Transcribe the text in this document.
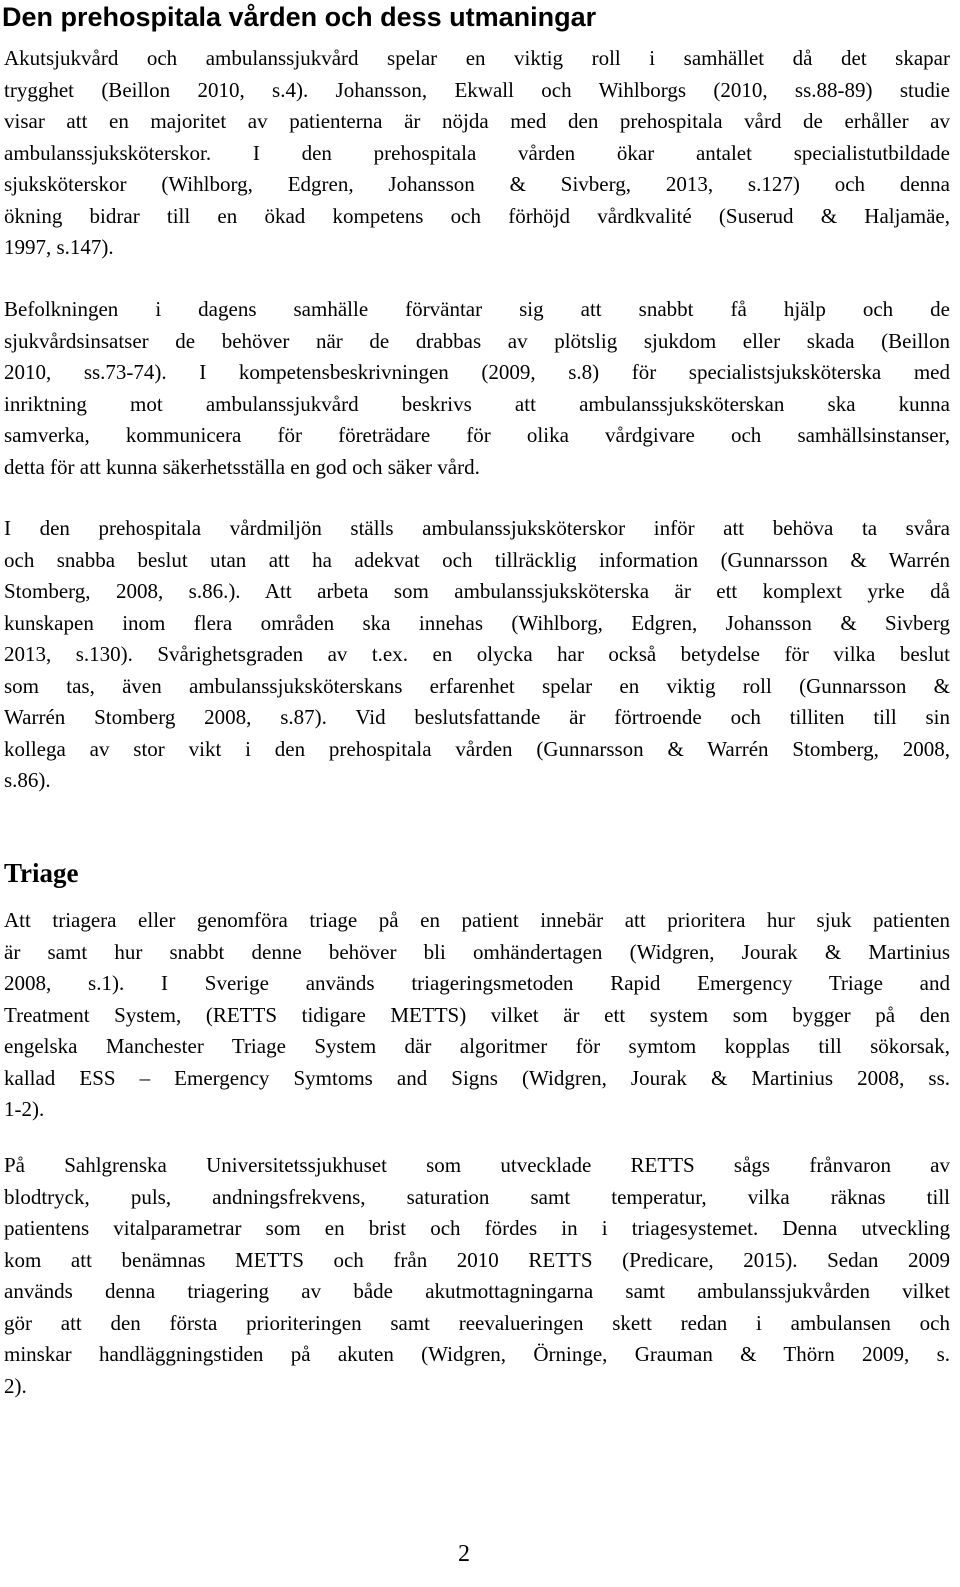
Den prehospitala vården och dess utmaningar

Akutsjukvård och ambulanssjukvård spelar en viktig roll i samhället då det skapar
trygghet (Beillon 2010, s.4). Johansson, Ekwall och Wihlborgs (2010, ss.88-89) studie
visar att en majoritet av patienterna är nöjda med den prehospitala vård de erhåller av
ambulanssjuksköterskor. I den prehospitala vården ökar antalet specialistutbildade
sjuksköterskor (Wihlborg, Edgren, Johansson & Sivberg, 2013, s.127) och denna
ökning bidrar till en ökad kompetens och förhöjd vårdkvalité (Suserud & Haljamäe,
1997, s.147).

Befolkningen i dagens samhälle förväntar sig att snabbt få hjälp och de
sjukvårdsinsatser de behöver när de drabbas av plötslig sjukdom eller skada (Beillon
2010, ss.73-74). I kompetensbeskrivningen (2009, s.8) för specialistsjuksköterska med
inriktning mot ambulanssjukvård beskrivs att ambulanssjuksköterskan ska kunna
samverka, kommunicera för företrädare för olika vårdgivare och samhällsinstanser,
detta för att kunna säkerhetsställa en god och säker vård.

I den prehospitala vårdmiljön ställs ambulanssjuksköterskor inför att behöva ta svåra
och snabba beslut utan att ha adekvat och tillräcklig information (Gunnarsson & Warrén
Stomberg, 2008, s.86.). Att arbeta som ambulanssjuksköterska är ett komplext yrke då
kunskapen inom flera områden ska innehas (Wihlborg, Edgren, Johansson & Sivberg
2013, s.130). Svårighetsgraden av t.ex. en olycka har också betydelse för vilka beslut
som tas, även ambulanssjuksköterskans erfarenhet spelar en viktig roll (Gunnarsson &
Warrén Stomberg 2008, s.87). Vid beslutsfattande är förtroende och tilliten till sin
kollega av stor vikt i den prehospitala vården (Gunnarsson & Warrén Stomberg, 2008,
s.86).

Triage

Att triagera eller genomföra triage på en patient innebär att prioritera hur sjuk patienten
är samt hur snabbt denne behöver bli omhändertagen (Widgren, Jourak & Martinius
2008, s.1). I Sverige används triageringsmetoden Rapid Emergency Triage and
Treatment System, (RETTS tidigare METTS) vilket är ett system som bygger på den
engelska Manchester Triage System där algoritmer för symtom kopplas till sökorsak,
kallad ESS – Emergency Symtoms and Signs (Widgren, Jourak & Martinius 2008, ss.
1-2).

På Sahlgrenska Universitetssjukhuset som utvecklade RETTS sågs frånvaron av
blodtryck, puls, andningsfrekvens, saturation samt temperatur, vilka räknas till
patientens vitalparametrar som en brist och fördes in i triagesystemet. Denna utveckling
kom att benämnas METTS och från 2010 RETTS (Predicare, 2015). Sedan 2009
används denna triagering av både akutmottagningarna samt ambulanssjukvården vilket
gör att den första prioriteringen samt reevalueringen skett redan i ambulansen och
minskar handläggningstiden på akuten (Widgren, Örninge, Grauman & Thörn 2009, s.
2).

2
